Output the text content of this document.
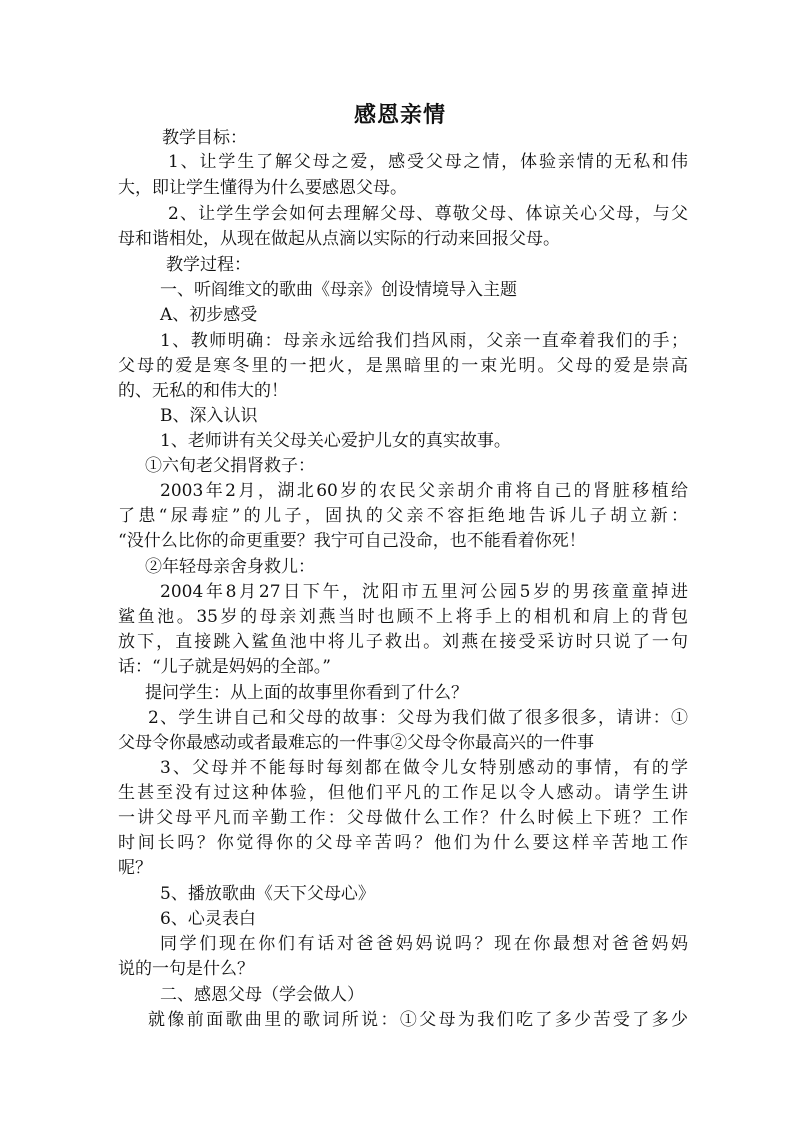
感恩亲情
教学目标：
1、让学生了解父母之爱，感受父母之情，体验亲情的无私和伟
大，即让学生懂得为什么要感恩父母。
2、让学生学会如何去理解父母、尊敬父母、体谅关心父母，与父
母和谐相处，从现在做起从点滴以实际的行动来回报父母。
教学过程：
一、听阎维文的歌曲《母亲》创设情境导入主题
A、初步感受
1、教师明确：母亲永远给我们挡风雨，父亲一直牵着我们的手；
父母的爱是寒冬里的一把火，是黑暗里的一束光明。父母的爱是崇高
的、无私的和伟大的！
B、深入认识
1、老师讲有关父母关心爱护儿女的真实故事。
①六旬老父捐肾救子：
2003年2月，湖北60岁的农民父亲胡介甫将自己的肾脏移植给
了患“尿毒症”的儿子，固执的父亲不容拒绝地告诉儿子胡立新：
“没什么比你的命更重要？我宁可自己没命，也不能看着你死！
②年轻母亲舍身救儿：
2004年8月27日下午，沈阳市五里河公园5岁的男孩童童掉进
鲨鱼池。35岁的母亲刘燕当时也顾不上将手上的相机和肩上的背包
放下，直接跳入鲨鱼池中将儿子救出。刘燕在接受采访时只说了一句
话：“儿子就是妈妈的全部。”
提问学生：从上面的故事里你看到了什么？
2、学生讲自己和父母的故事：父母为我们做了很多很多，请讲：①
父母令你最感动或者最难忘的一件事②父母令你最高兴的一件事
3、父母并不能每时每刻都在做令儿女特别感动的事情，有的学
生甚至没有过这种体验，但他们平凡的工作足以令人感动。请学生讲
一讲父母平凡而辛勤工作：父母做什么工作？什么时候上下班？工作
时间长吗？你觉得你的父母辛苦吗？他们为什么要这样辛苦地工作
呢？
5、播放歌曲《天下父母心》
6、心灵表白
同学们现在你们有话对爸爸妈妈说吗？现在你最想对爸爸妈妈
说的一句是什么？
二、感恩父母（学会做人）
就像前面歌曲里的歌词所说：①父母为我们吃了多少苦受了多少
